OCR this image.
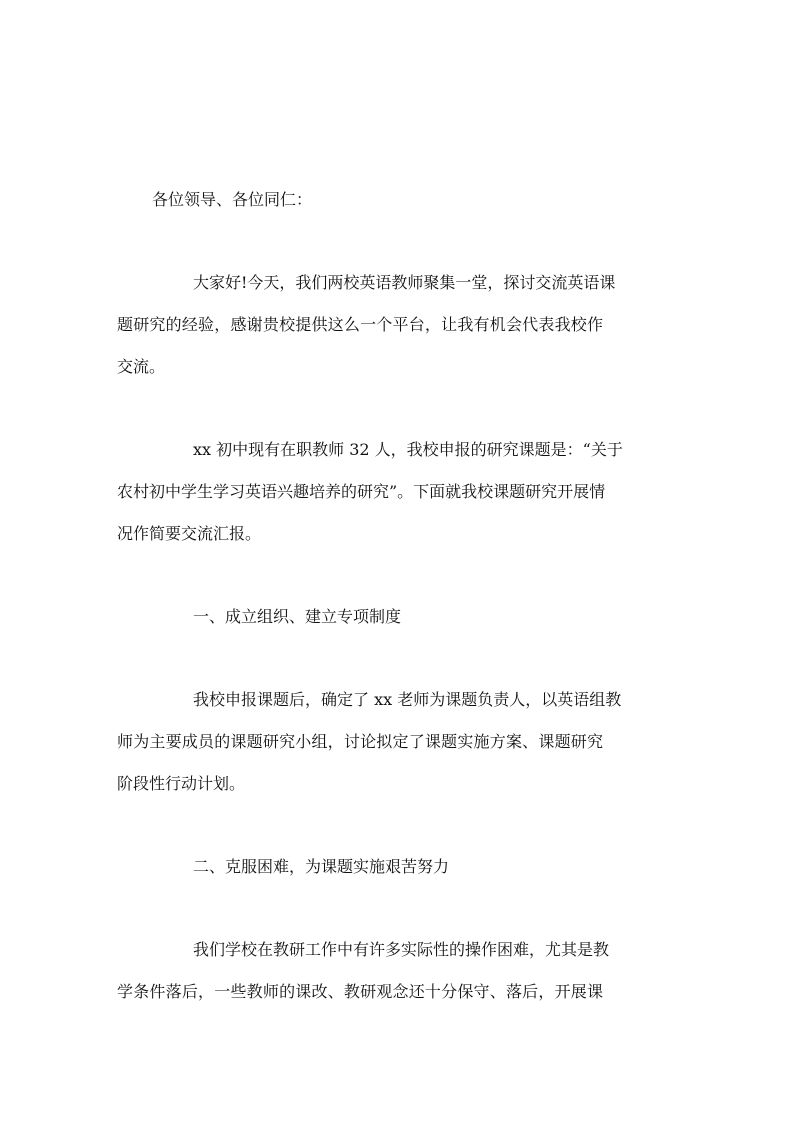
各位领导、各位同仁：
大家好!今天，我们两校英语教师聚集一堂，探讨交流英语课
题研究的经验，感谢贵校提供这么一个平台，让我有机会代表我校作
交流。
xx 初中现有在职教师 32 人，我校申报的研究课题是：“关于
农村初中学生学习英语兴趣培养的研究”。下面就我校课题研究开展情
况作简要交流汇报。
一、成立组织、建立专项制度
我校申报课题后，确定了 xx 老师为课题负责人，以英语组教
师为主要成员的课题研究小组，讨论拟定了课题实施方案、课题研究
阶段性行动计划。
二、克服困难，为课题实施艰苦努力
我们学校在教研工作中有许多实际性的操作困难，尤其是教
学条件落后，一些教师的课改、教研观念还十分保守、落后，开展课
